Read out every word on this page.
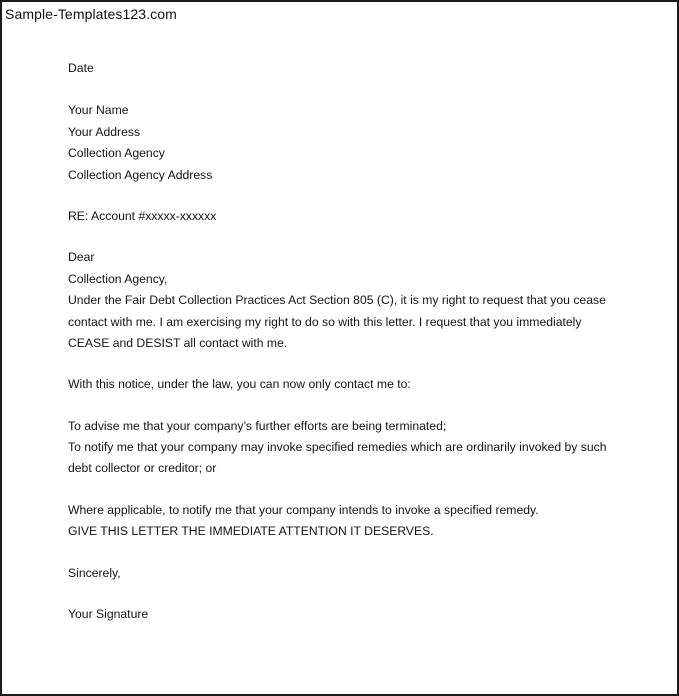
Sample-Templates123.com
Date
Your Name
Your Address
Collection Agency
Collection Agency Address
RE: Account #xxxxx-xxxxxx
Dear
Collection Agency,
Under the Fair Debt Collection Practices Act Section 805 (C), it is my right to request that you cease
contact with me. I am exercising my right to do so with this letter. I request that you immediately
CEASE and DESIST all contact with me.
With this notice, under the law, you can now only contact me to:
To advise me that your company’s further efforts are being terminated;
To notify me that your company may invoke specified remedies which are ordinarily invoked by such
debt collector or creditor; or
Where applicable, to notify me that your company intends to invoke a specified remedy.
GIVE THIS LETTER THE IMMEDIATE ATTENTION IT DESERVES.
Sincerely,
Your Signature
